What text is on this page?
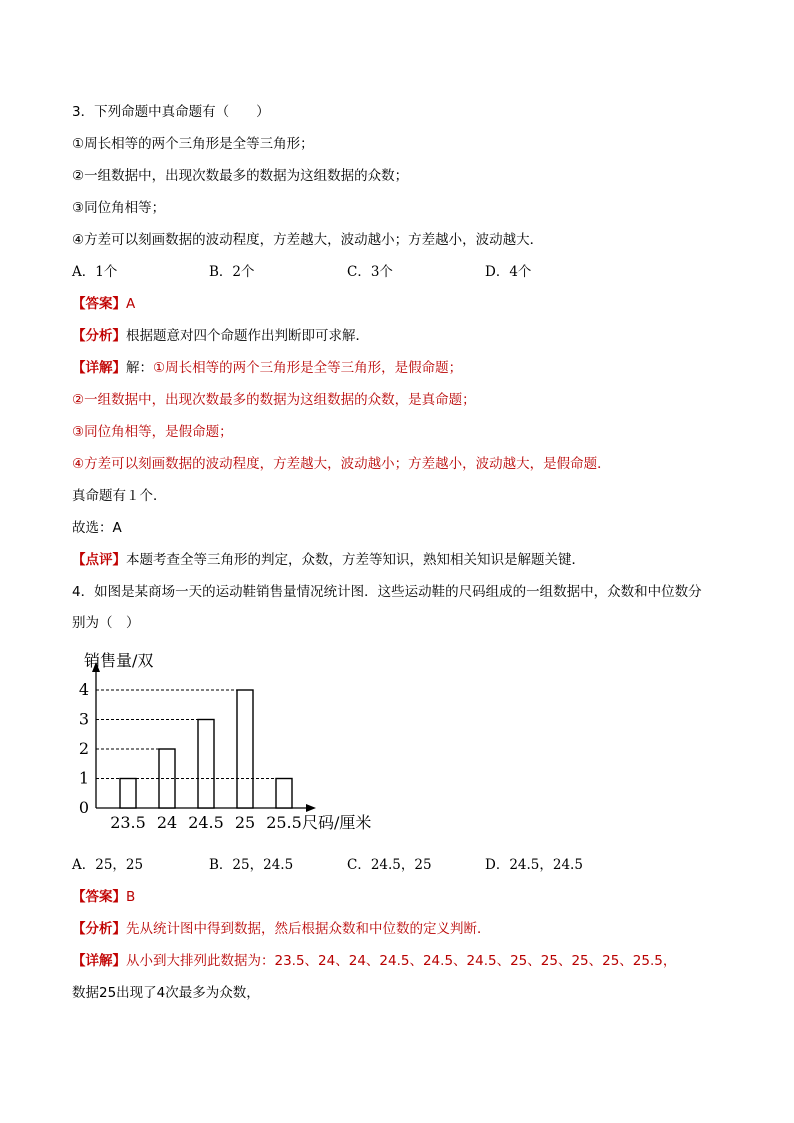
3．下列命题中真命题有（　　）
①周长相等的两个三角形是全等三角形；
②一组数据中，出现次数最多的数据为这组数据的众数；
③同位角相等；
④方差可以刻画数据的波动程度，方差越大，波动越小；方差越小，波动越大．
A．1个	B．2个	C．3个	D．4个
【答案】A
【分析】根据题意对四个命题作出判断即可求解．
【详解】解：①周长相等的两个三角形是全等三角形，是假命题；
②一组数据中，出现次数最多的数据为这组数据的众数，是真命题；
③同位角相等，是假命题；
④方差可以刻画数据的波动程度，方差越大，波动越小；方差越小，波动越大，是假命题．
真命题有１个．
故选：A
【点评】本题考查全等三角形的判定，众数，方差等知识，熟知相关知识是解题关键．
4．如图是某商场一天的运动鞋销售量情况统计图．这些运动鞋的尺码组成的一组数据中，众数和中位数分
别为（　）
0
1
2
3
4
23.5 24 24.5 25 25.5
销售量/双
尺码/厘米
A．25，25	B．25，24.5	C．24.5，25	D．24.5，24.5
【答案】B
【分析】先从统计图中得到数据，然后根据众数和中位数的定义判断．
【详解】从小到大排列此数据为：23.5、24、24、24.5、24.5、24.5、25、25、25、25、25.5，
数据25出现了4次最多为众数，
